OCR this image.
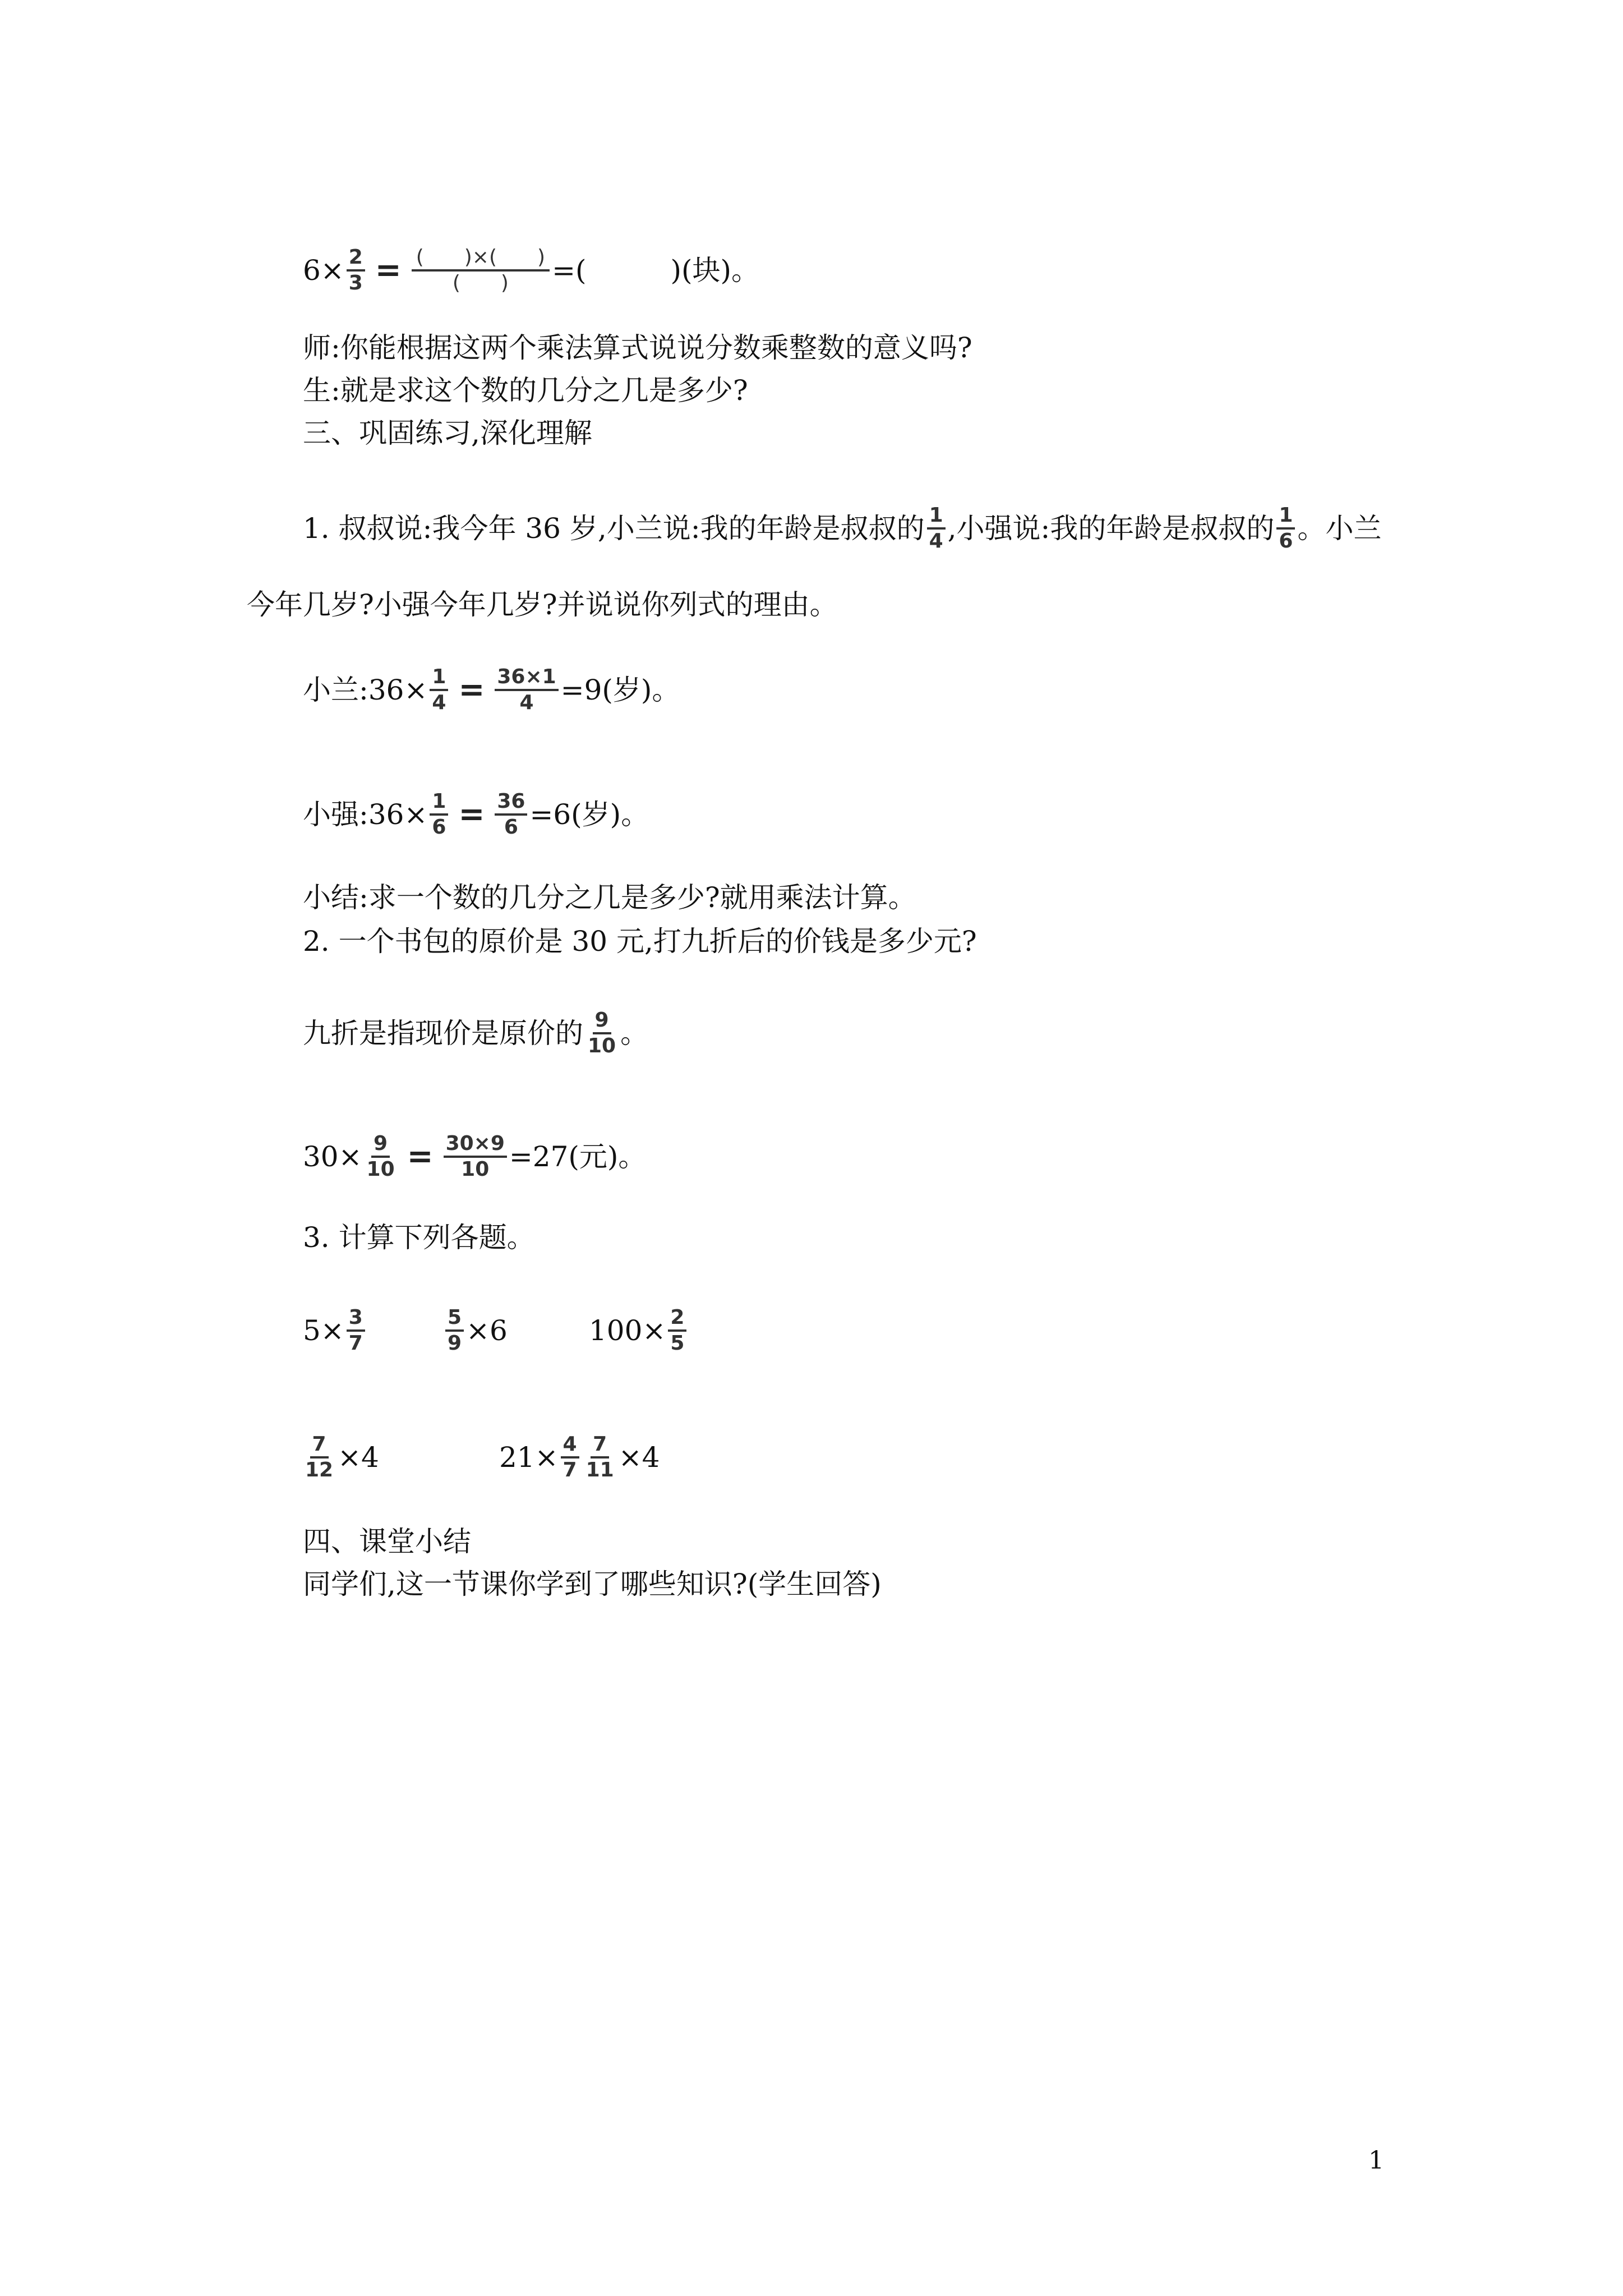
$6\times \frac{2}{3} = \frac{( )\times( )}{( )}$ =(　　　)(块)。
师:你能根据这两个乘法算式说说分数乘整数的意义吗?
生:就是求这个数的几分之几是多少?
三、巩固练习,深化理解
1. 叔叔说:我今年 36 岁,小兰说:我的年龄是叔叔的 $\frac{1}{4}$ ,小强说:我的年龄是叔叔的 $\frac{1}{6}$ 。小兰
今年几岁?小强今年几岁?并说说你列式的理由。
小兰:36× $\frac{1}{4} = \frac{36\times 1}{4} =9$(岁)。
小强:36× $\frac{1}{6} = \frac{36}{6} =6$(岁)。
小结:求一个数的几分之几是多少?就用乘法计算。
2. 一个书包的原价是 30 元,打九折后的价钱是多少元?
九折是指现价是原价的 $\frac{9}{10}$ 。
$30\times \frac{9}{10} = \frac{30\times 9}{10} =27$(元)。
3. 计算下列各题。
$5\times \frac{3}{7}$	$\frac{5}{9} \times 6$	$100\times \frac{2}{5}$
$\frac{7}{12} \times 4$	$21\times \frac{4}{7} \frac{7}{11} \times 4$
四、课堂小结
同学们,这一节课你学到了哪些知识?(学生回答)
1
